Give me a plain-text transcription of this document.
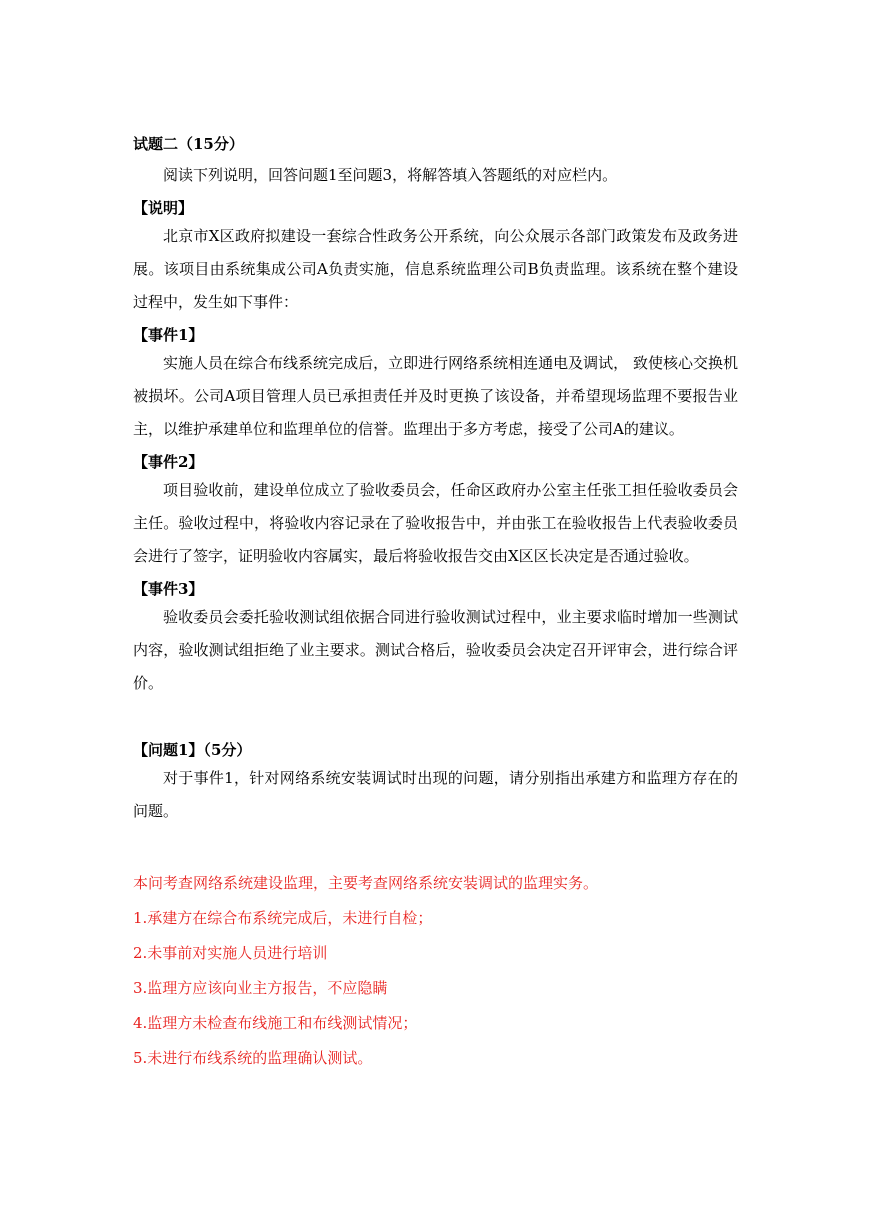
试题二（15分）

阅读下列说明，回答问题1至问题3，将解答填入答题纸的对应栏内。

【说明】

北京市X区政府拟建设一套综合性政务公开系统，向公众展示各部门政策发布及政务进展。该项目由系统集成公司A负责实施，信息系统监理公司B负责监理。该系统在整个建设过程中，发生如下事件：

【事件1】

实施人员在综合布线系统完成后，立即进行网络系统相连通电及调试， 致使核心交换机被损坏。公司A项目管理人员已承担责任并及时更换了该设备，并希望现场监理不要报告业主，以维护承建单位和监理单位的信誉。监理出于多方考虑，接受了公司A的建议。

【事件2】

项目验收前，建设单位成立了验收委员会，任命区政府办公室主任张工担任验收委员会主任。验收过程中，将验收内容记录在了验收报告中，并由张工在验收报告上代表验收委员会进行了签字，证明验收内容属实，最后将验收报告交由X区区长决定是否通过验收。

【事件3】

验收委员会委托验收测试组依据合同进行验收测试过程中，业主要求临时增加一些测试内容，验收测试组拒绝了业主要求。测试合格后，验收委员会决定召开评审会，进行综合评价。

【问题1】（5分）

对于事件1，针对网络系统安装调试时出现的问题，请分别指出承建方和监理方存在的问题。

本问考查网络系统建设监理，主要考查网络系统安装调试的监理实务。

1.承建方在综合布系统完成后，未进行自检；

2.未事前对实施人员进行培训

3.监理方应该向业主方报告，不应隐瞒

4.监理方未检查布线施工和布线测试情况；

5.未进行布线系统的监理确认测试。
